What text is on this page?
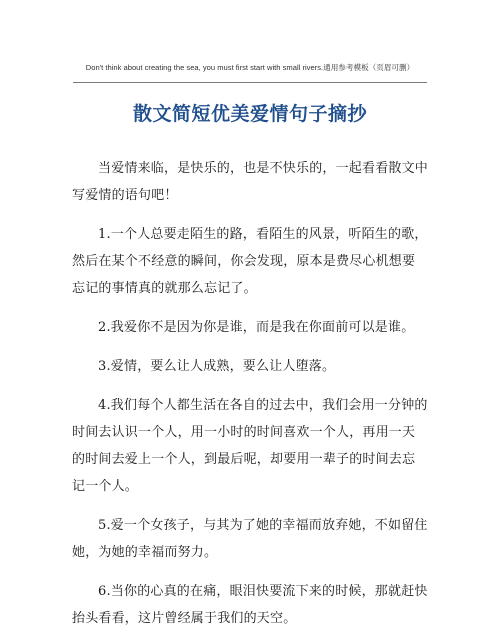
Don't think about creating the sea, you must first start with small rivers.通用参考模板（页眉可删）
散文简短优美爱情句子摘抄

当爱情来临，是快乐的，也是不快乐的，一起看看散文中写爱情的语句吧！

1.一个人总要走陌生的路，看陌生的风景，听陌生的歌，然后在某个不经意的瞬间，你会发现，原本是费尽心机想要忘记的事情真的就那么忘记了。

2.我爱你不是因为你是谁，而是我在你面前可以是谁。

3.爱情，要么让人成熟，要么让人堕落。

4.我们每个人都生活在各自的过去中，我们会用一分钟的时间去认识一个人，用一小时的时间喜欢一个人，再用一天的时间去爱上一个人，到最后呢，却要用一辈子的时间去忘记一个人。

5.爱一个女孩子，与其为了她的幸福而放弃她，不如留住她，为她的幸福而努力。

6.当你的心真的在痛，眼泪快要流下来的时候，那就赶快抬头看看，这片曾经属于我们的天空。
